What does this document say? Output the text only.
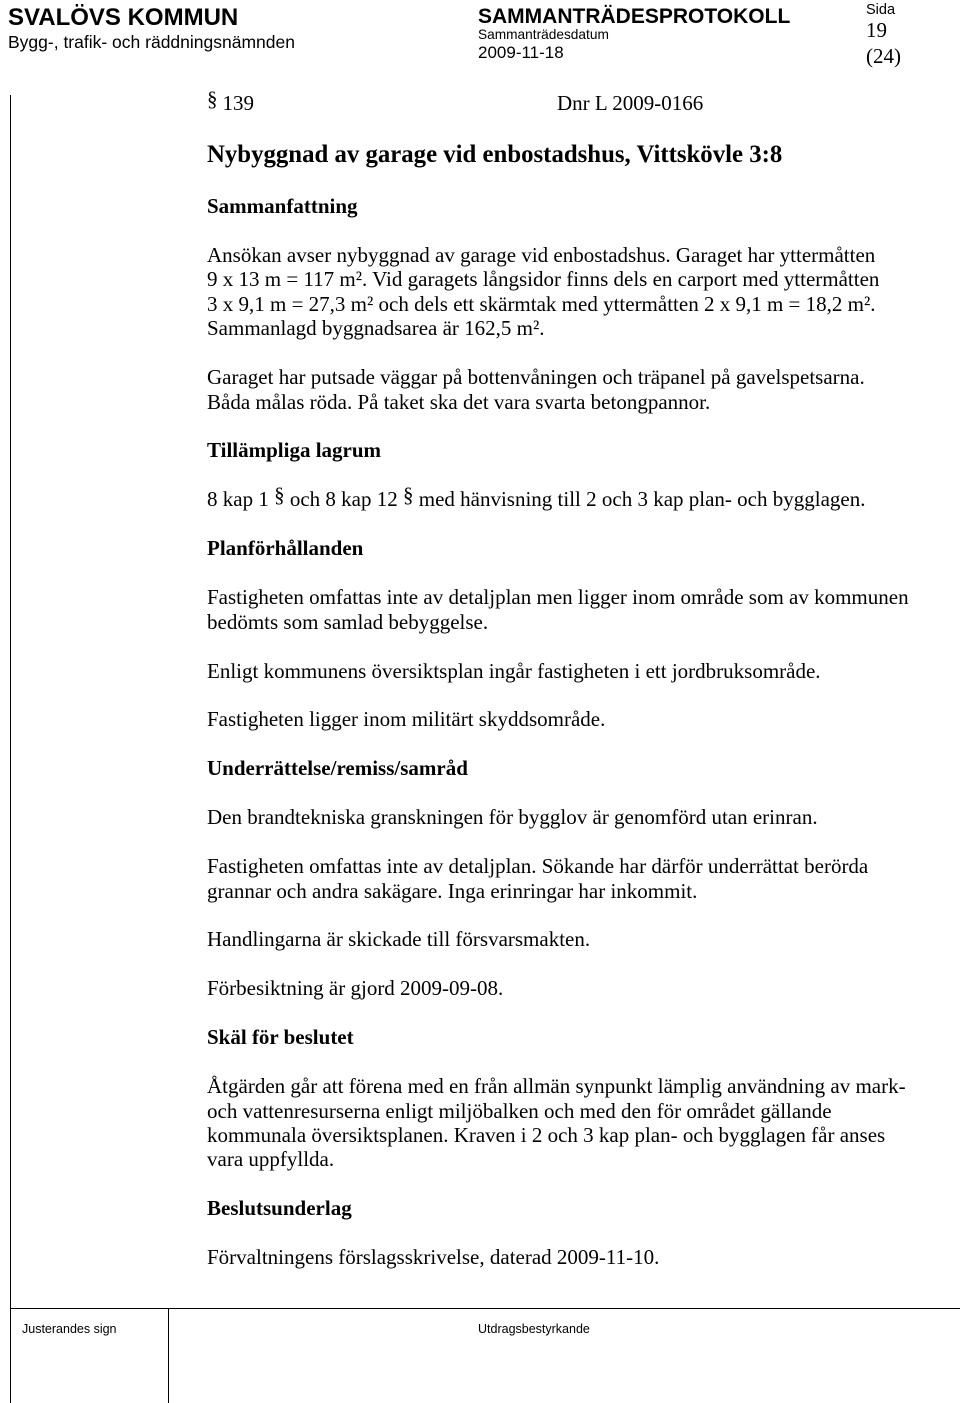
SVALÖVS KOMMUN
Bygg-, trafik- och räddningsnämnden
SAMMANTRÄDESPROTOKOLL
Sammanträdesdatum
2009-11-18
Sida
19
(24)
§ 139	Dnr L 2009-0166
Nybyggnad av garage vid enbostadshus, Vittskövle 3:8
Sammanfattning
Ansökan avser nybyggnad av garage vid enbostadshus. Garaget har yttermåtten
9 x 13 m = 117 m². Vid garagets långsidor finns dels en carport med yttermåtten
3 x 9,1 m = 27,3 m² och dels ett skärmtak med yttermåtten 2 x 9,1 m = 18,2 m².
Sammanlagd byggnadsarea är 162,5 m².
Garaget har putsade väggar på bottenvåningen och träpanel på gavelspetsarna.
Båda målas röda. På taket ska det vara svarta betongpannor.
Tillämpliga lagrum
8 kap 1 § och 8 kap 12 § med hänvisning till 2 och 3 kap plan- och bygglagen.
Planförhållanden
Fastigheten omfattas inte av detaljplan men ligger inom område som av kommunen
bedömts som samlad bebyggelse.
Enligt kommunens översiktsplan ingår fastigheten i ett jordbruksområde.
Fastigheten ligger inom militärt skyddsområde.
Underrättelse/remiss/samråd
Den brandtekniska granskningen för bygglov är genomförd utan erinran.
Fastigheten omfattas inte av detaljplan. Sökande har därför underrättat berörda
grannar och andra sakägare. Inga erinringar har inkommit.
Handlingarna är skickade till försvarsmakten.
Förbesiktning är gjord 2009-09-08.
Skäl för beslutet
Åtgärden går att förena med en från allmän synpunkt lämplig användning av mark-
och vattenresurserna enligt miljöbalken och med den för området gällande
kommunala översiktsplanen. Kraven i 2 och 3 kap plan- och bygglagen får anses
vara uppfyllda.
Beslutsunderlag
Förvaltningens förslagsskrivelse, daterad 2009-11-10.
Justerandes sign	Utdragsbestyrkande
